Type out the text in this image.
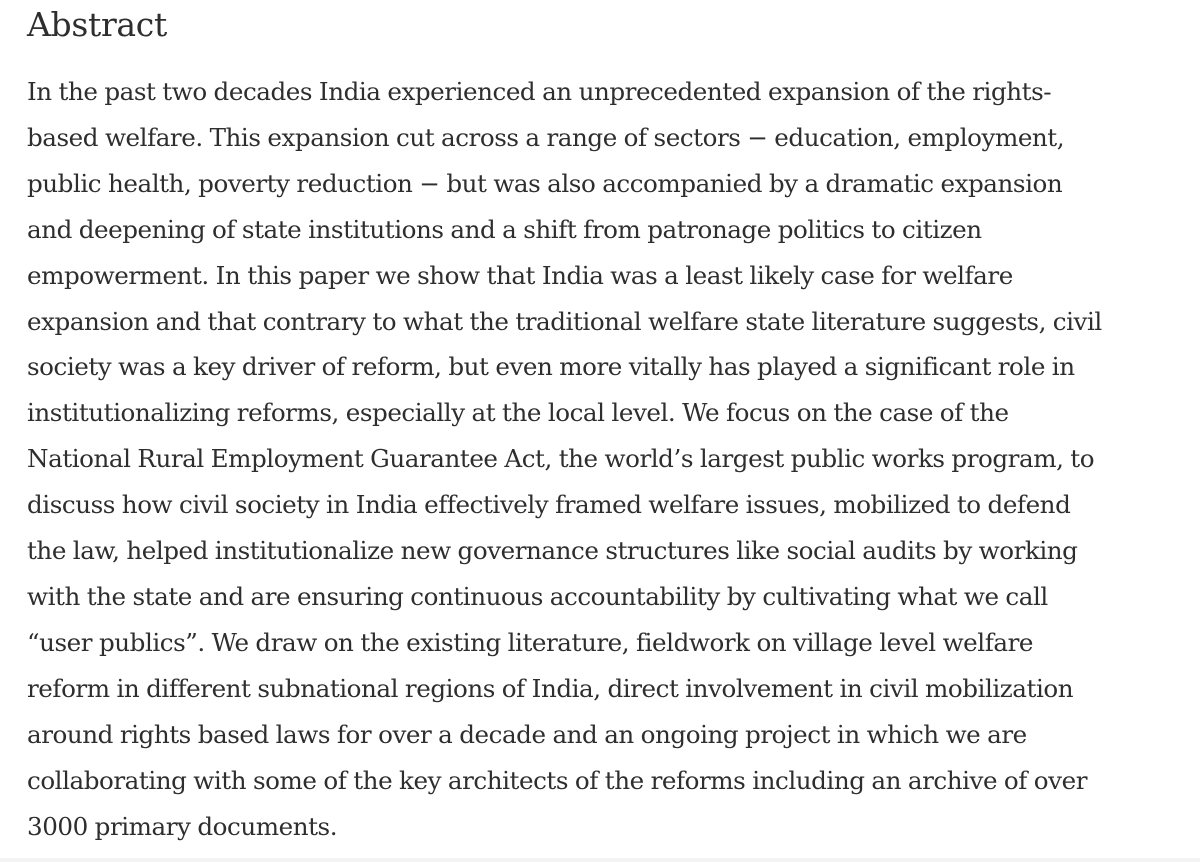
Abstract

In the past two decades India experienced an unprecedented expansion of the rights-
based welfare. This expansion cut across a range of sectors − education, employment,
public health, poverty reduction − but was also accompanied by a dramatic expansion
and deepening of state institutions and a shift from patronage politics to citizen
empowerment. In this paper we show that India was a least likely case for welfare
expansion and that contrary to what the traditional welfare state literature suggests, civil
society was a key driver of reform, but even more vitally has played a significant role in
institutionalizing reforms, especially at the local level. We focus on the case of the
National Rural Employment Guarantee Act, the world’s largest public works program, to
discuss how civil society in India effectively framed welfare issues, mobilized to defend
the law, helped institutionalize new governance structures like social audits by working
with the state and are ensuring continuous accountability by cultivating what we call
“user publics”. We draw on the existing literature, fieldwork on village level welfare
reform in different subnational regions of India, direct involvement in civil mobilization
around rights based laws for over a decade and an ongoing project in which we are
collaborating with some of the key architects of the reforms including an archive of over
3000 primary documents.
